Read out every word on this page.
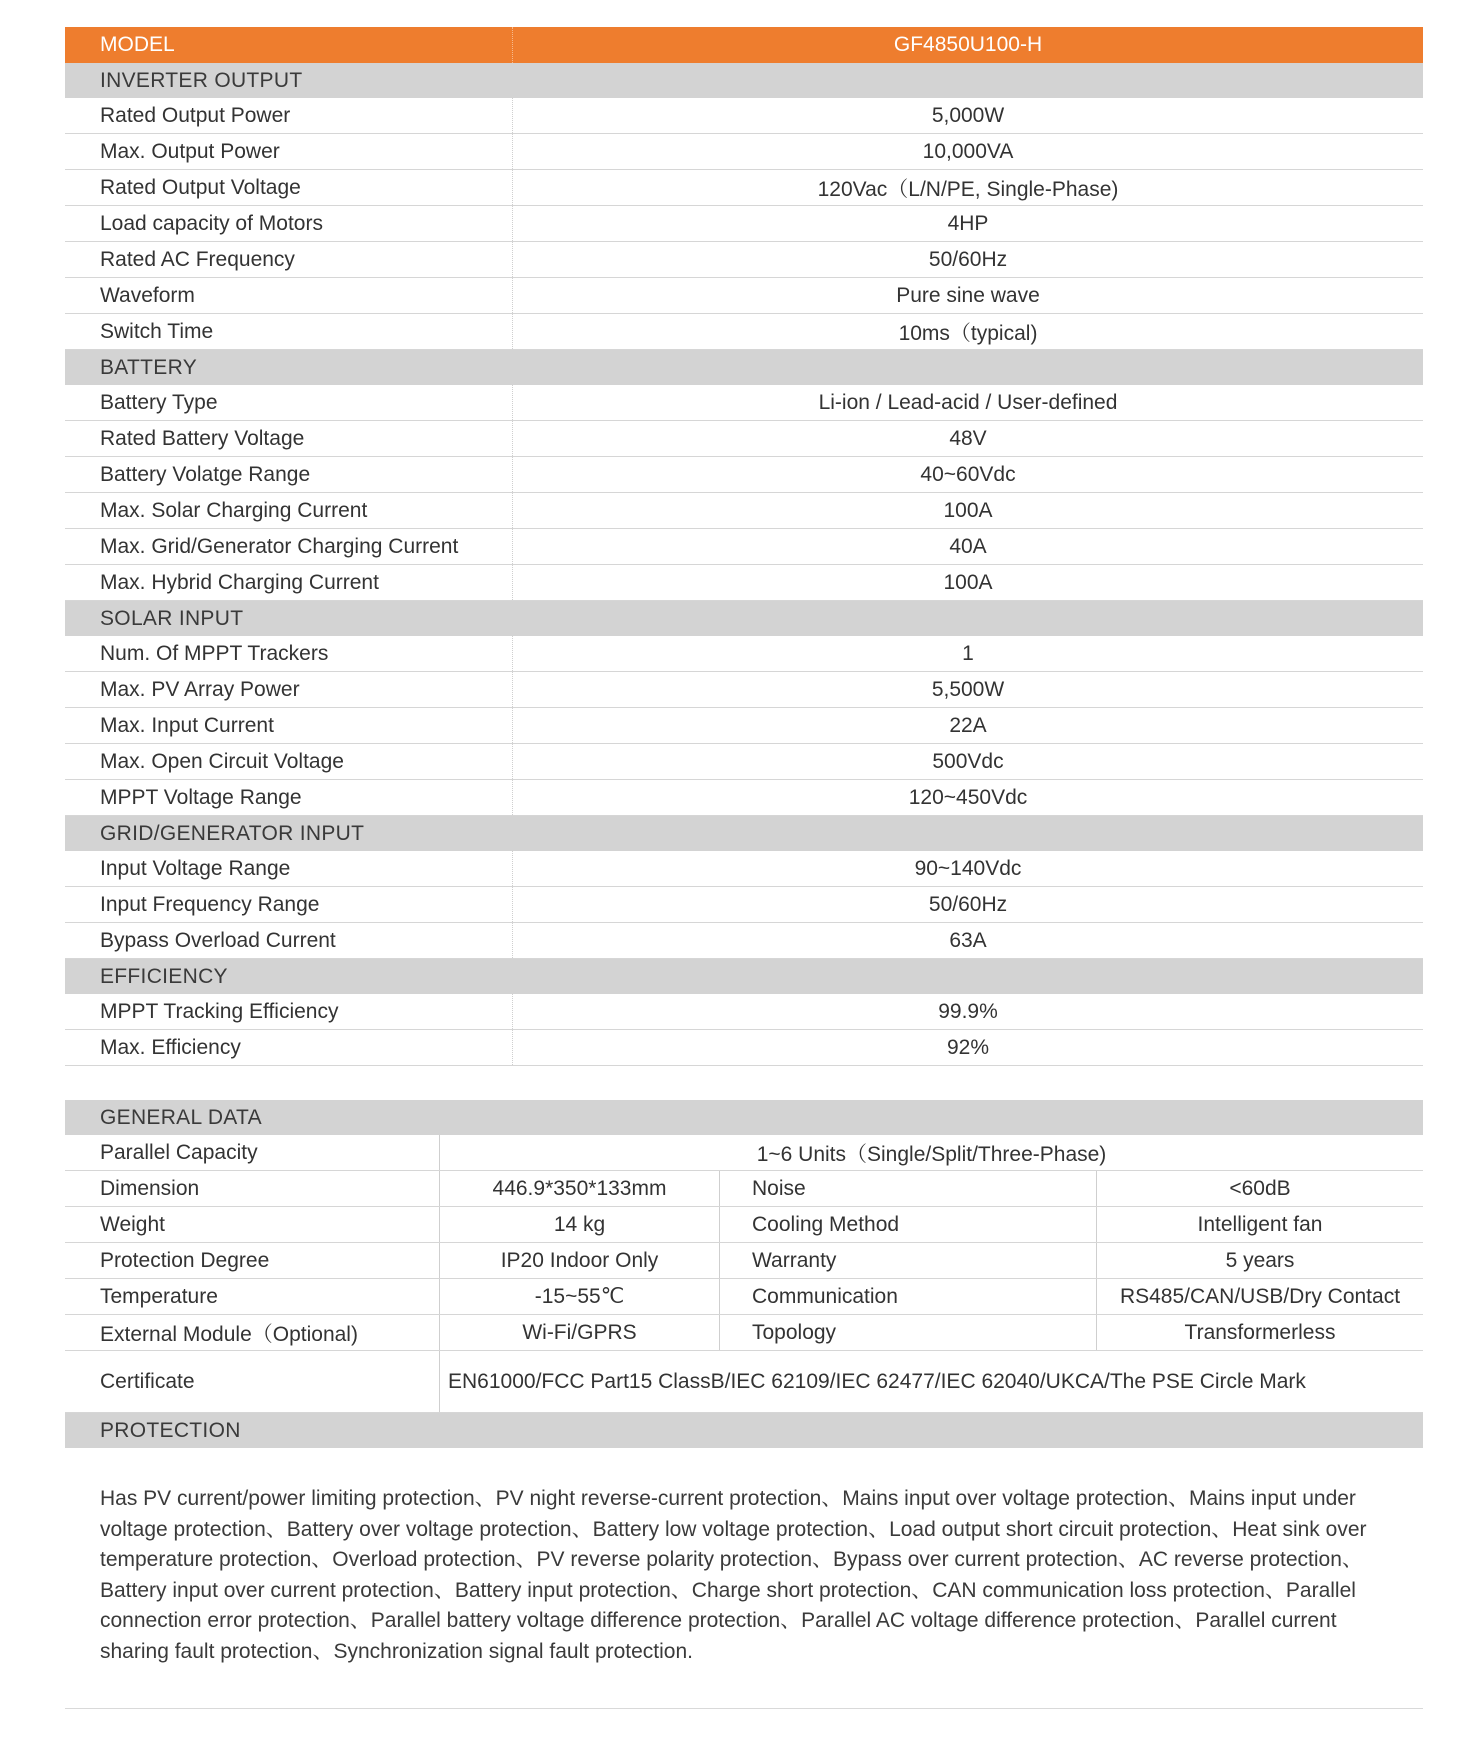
MODEL	GF4850U100-H
INVERTER OUTPUT
Rated Output Power	5,000W
Max. Output Power	10,000VA
Rated Output Voltage	120Vac（L/N/PE, Single-Phase)
Load capacity of Motors	4HP
Rated AC Frequency	50/60Hz
Waveform	Pure sine wave
Switch Time	10ms（typical)
BATTERY
Battery Type	Li-ion / Lead-acid / User-defined
Rated Battery Voltage	48V
Battery Volatge Range	40~60Vdc
Max. Solar Charging Current	100A
Max. Grid/Generator Charging Current	40A
Max. Hybrid Charging Current	100A
SOLAR INPUT
Num. Of MPPT Trackers	1
Max. PV Array Power	5,500W
Max. Input Current	22A
Max. Open Circuit Voltage	500Vdc
MPPT Voltage Range	120~450Vdc
GRID/GENERATOR INPUT
Input Voltage Range	90~140Vdc
Input Frequency Range	50/60Hz
Bypass Overload Current	63A
EFFICIENCY
MPPT Tracking Efficiency	99.9%
Max. Efficiency	92%
GENERAL DATA
Parallel Capacity	1~6 Units（Single/Split/Three-Phase)
Dimension	446.9*350*133mm	Noise	<60dB
Weight	14 kg	Cooling Method	Intelligent fan
Protection Degree	IP20 Indoor Only	Warranty	5 years
Temperature	-15~55℃	Communication	RS485/CAN/USB/Dry Contact
External Module（Optional)	Wi-Fi/GPRS	Topology	Transformerless
Certificate	EN61000/FCC Part15 ClassB/IEC 62109/IEC 62477/IEC 62040/UKCA/The PSE Circle Mark
PROTECTION
Has PV current/power limiting protection、PV night reverse-current protection、Mains input over voltage protection、Mains input under voltage protection、Battery over voltage protection、Battery low voltage protection、Load output short circuit protection、Heat sink over temperature protection、Overload protection、PV reverse polarity protection、Bypass over current protection、AC reverse protection、Battery input over current protection、Battery input protection、Charge short protection、CAN communication loss protection、Parallel connection error protection、Parallel battery voltage difference protection、Parallel AC voltage difference protection、Parallel current sharing fault protection、Synchronization signal fault protection.
